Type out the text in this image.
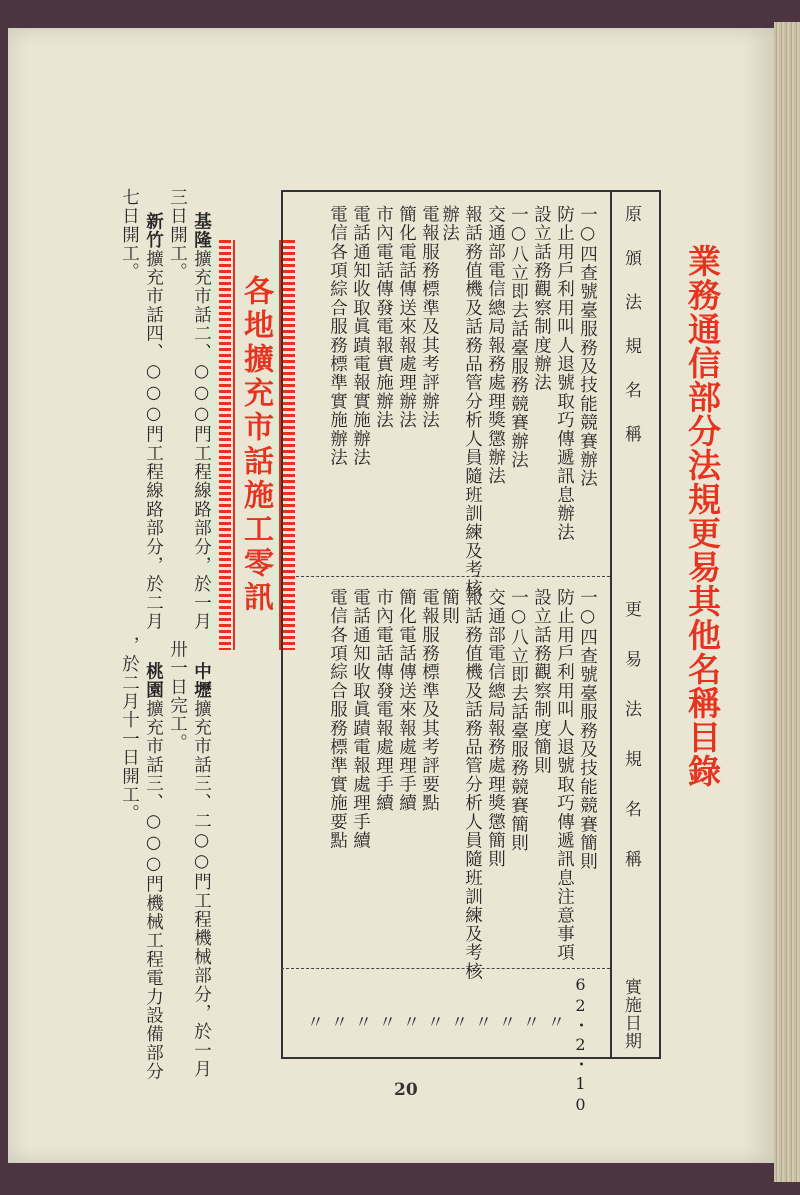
業務通信部分法規更易其他名稱目錄
原頒法規名稱
更易法規名稱
實施日期
一○四查號臺服務及技能競賽辦法
防止用戶利用叫人退號取巧傳遞訊息辦法
設立話務觀察制度辦法
一○八立即去話臺服務競賽辦法
交通部電信總局報務處理獎懲辦法
報話務值機及話務品管分析人員隨班訓練及考核
辦法
電報服務標準及其考評辦法
簡化電話傳送來報處理辦法
市內電話傳發電報實施辦法
電話通知收取眞蹟電報實施辦法
電信各項綜合服務標準實施辦法
一○四查號臺服務及技能競賽簡則
防止用戶利用叫人退號取巧傳遞訊息注意事項
設立話務觀察制度簡則
一○八立即去話臺服務競賽簡則
交通部電信總局報務處理獎懲簡則
報話務值機及話務品管分析人員隨班訓練及考核
簡則
電報服務標準及其考評要點
簡化電話傳送來報處理手續
市內電話傳發電報處理手續
電話通知收取眞蹟電報處理手續
電信各項綜合服務標準實施要點
62・2・10
〃
〃
〃
〃
〃
〃
〃
〃
〃
〃
〃
各地擴充市話施工零訊
基隆擴充市話二、○○○門工程線路部分，於一月
三日開工。
新竹擴充市話四、○○○門工程線路部分，於二月
七日開工。
卅一日完工。 中壢擴充市話三、二○○門工程機械部分，於一月
桃園擴充市話三、○○○門機械工程電力設備部分
，於二月十一日開工。
20
